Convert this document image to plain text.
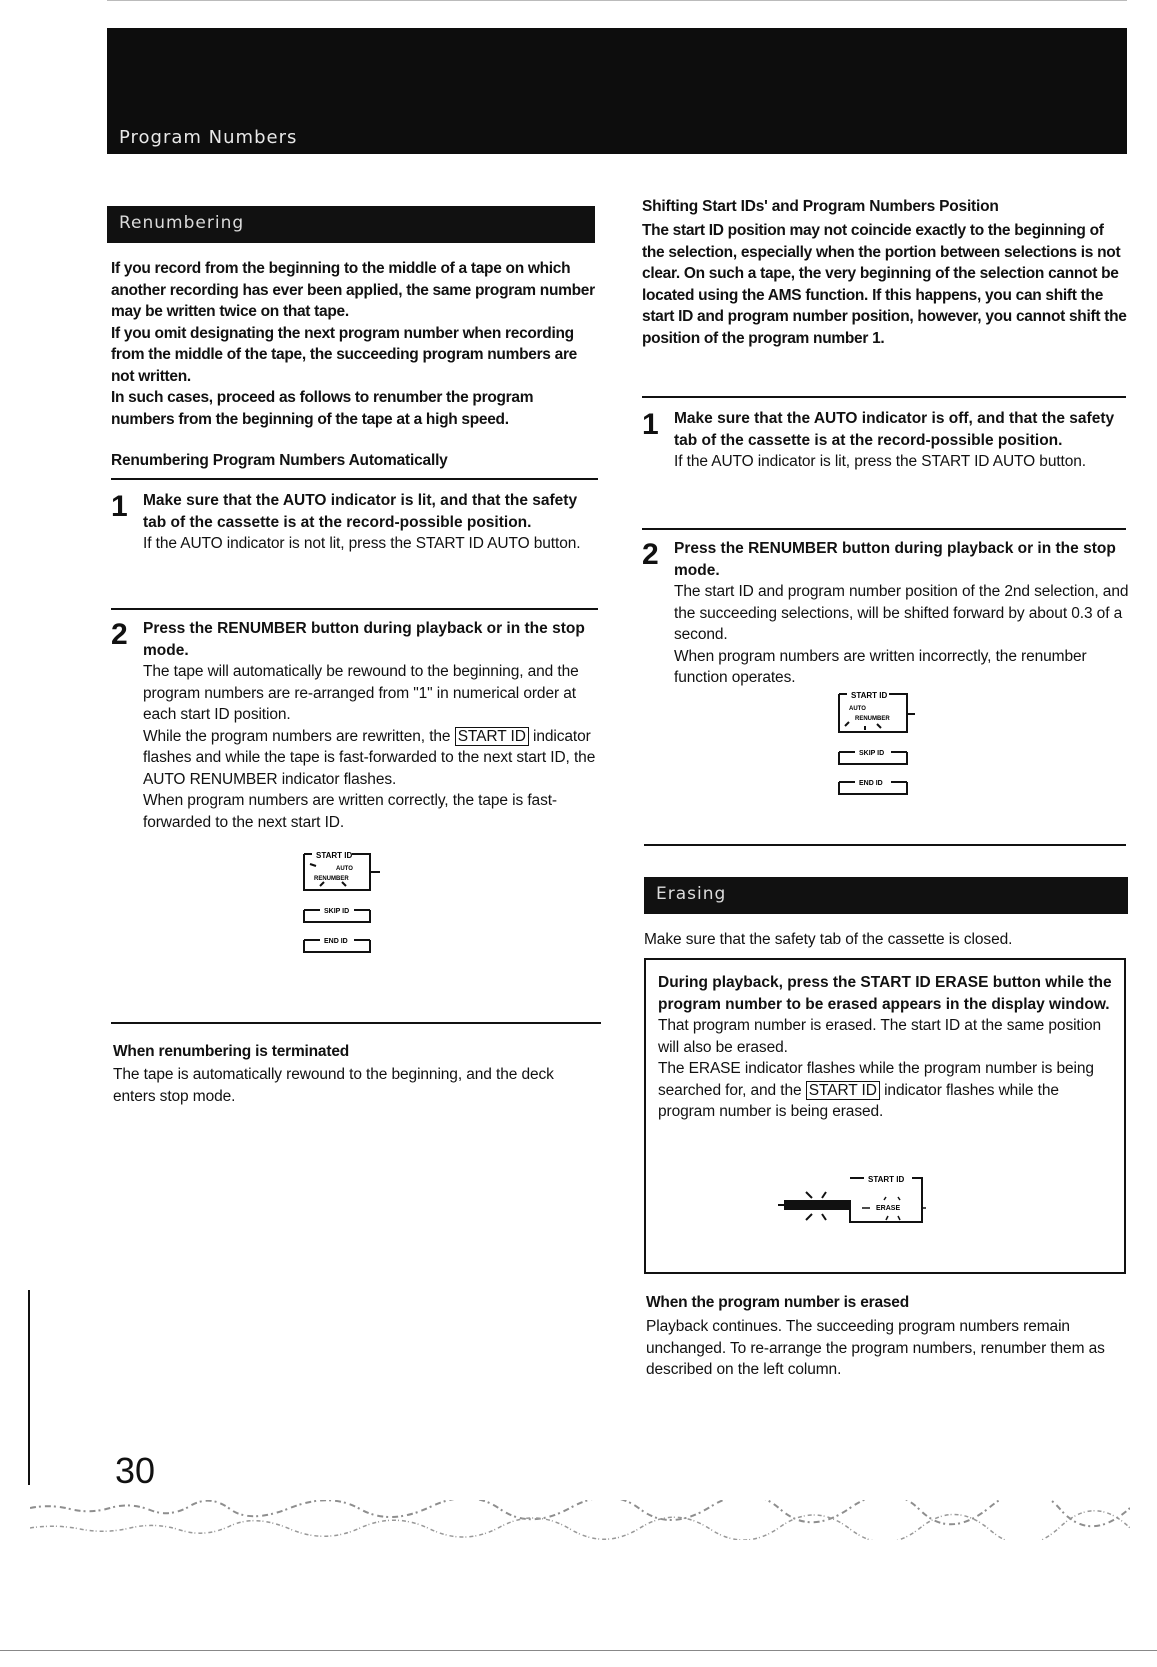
Program Numbers
Renumbering
If you record from the beginning to the middle of a tape on which another recording has ever been applied, the same program number may be written twice on that tape.
If you omit designating the next program number when recording from the middle of the tape, the succeeding program numbers are not written.
In such cases, proceed as follows to renumber the program numbers from the beginning of the tape at a high speed.
Renumbering Program Numbers Automatically
1 Make sure that the AUTO indicator is lit, and that the safety tab of the cassette is at the record-possible position.
If the AUTO indicator is not lit, press the START ID AUTO button.
2 Press the RENUMBER button during playback or in the stop mode.
The tape will automatically be rewound to the beginning, and the program numbers are re-arranged from "1" in numerical order at each start ID position.
While the program numbers are rewritten, the START ID indicator flashes and while the tape is fast-forwarded to the next start ID, the AUTO RENUMBER indicator flashes.
When program numbers are written correctly, the tape is fast-forwarded to the next start ID.
START ID
AUTO
RENUMBER
SKIP ID
END ID
When renumbering is terminated
The tape is automatically rewound to the beginning, and the deck enters stop mode.
Shifting Start IDs' and Program Numbers Position
The start ID position may not coincide exactly to the beginning of the selection, especially when the portion between selections is not clear. On such a tape, the very beginning of the selection cannot be located using the AMS function. If this happens, you can shift the start ID and program number position, however, you cannot shift the position of the program number 1.
1 Make sure that the AUTO indicator is off, and that the safety tab of the cassette is at the record-possible position.
If the AUTO indicator is lit, press the START ID AUTO button.
2 Press the RENUMBER button during playback or in the stop mode.
The start ID and program number position of the 2nd selection, and the succeeding selections, will be shifted forward by about 0.3 of a second.
When program numbers are written incorrectly, the renumber function operates.
START ID
AUTO
RENUMBER
SKIP ID
END ID
Erasing
Make sure that the safety tab of the cassette is closed.
During playback, press the START ID ERASE button while the program number to be erased appears in the display window.
That program number is erased. The start ID at the same position will also be erased.
The ERASE indicator flashes while the program number is being searched for, and the START ID indicator flashes while the program number is being erased.
START ID
ERASE
When the program number is erased
Playback continues. The succeeding program numbers remain unchanged. To re-arrange the program numbers, renumber them as described on the left column.
30
